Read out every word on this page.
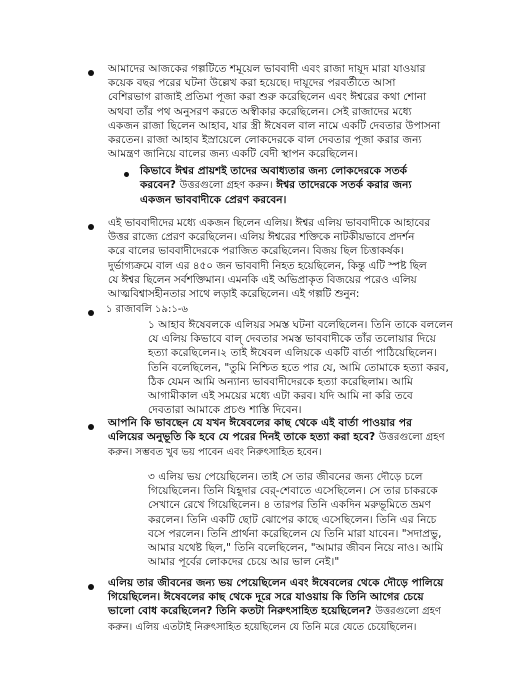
আমাদের আজকের গল্পটিতে শমূয়েল ভাববাদী এবং রাজা দায়ূদ মারা যাওয়ার

কয়েক বছর পরের ঘটনা উল্লেখ করা হয়েছে। দায়ূদের পরবর্তীতে আসা

বেশিরভাগ রাজাই প্রতিমা পূজা করা শুরু করেছিলেন এবং ঈশ্বরের কথা শোনা

অথবা তাঁর পথ অনুসরণ করতে অস্বীকার করেছিলেন। সেই রাজাদের মধ্যে

একজন রাজা ছিলেন আহাব, যার স্ত্রী ঈষেবল বাল নামে একটি দেবতার উপাসনা

করতেন। রাজা আহাব ইস্রায়েলে লোকদেরকে বাল দেবতার পূজা করার জন্য

আমন্ত্রণ জানিয়ে বালের জন্য একটি বেদী স্থাপন করেছিলেন।

কিভাবে ঈশ্বর প্রায়শই তাদের অবাধ্যতার জন্য লোকদেরকে সতর্ক

করবেন? উত্তরগুলো গ্রহণ করুন। ঈশ্বর তাদেরকে সতর্ক করার জন্য

একজন ভাববাদীকে প্রেরণ করবেন।

এই ভাববাদীদের মধ্যে একজন ছিলেন এলিয়। ঈশ্বর এলিয় ভাববাদীকে আহাবের

উত্তর রাজ্যে প্রেরণ করেছিলেন। এলিয় ঈশ্বরের শক্তিকে নাটকীয়ভাবে প্রদর্শন

করে বালের ভাববাদীদেরকে পরাজিত করেছিলেন। বিজয় ছিল চিত্তাকর্ষক।

দুর্ভাগ্যক্রমে বাল এর ৪৫০ জন ভাববাদী নিহত হয়েছিলেন, কিন্তু এটি স্পষ্ট ছিল

যে ঈশ্বর ছিলেন সর্বশক্তিমান। এমনকি এই অভিপ্রাকৃত বিজয়ের পরেও এলিয়

আত্মবিশ্বাসহীনতার সাথে লড়াই করেছিলেন। এই গল্পটি শুনুন:

১ রাজাবলি ১৯:১-৬

১ আহাব ঈষেবলকে এলিয়র সমস্ত ঘটনা বলেছিলেন। তিনি তাকে বললেন

যে এলিয় কিভাবে বাল্ দেবতার সমস্ত ভাববাদীকে তাঁর তলোয়ার দিয়ে

হত্যা করেছিলেন।২ তাই ঈষেবল এলিয়কে একটি বার্তা পাঠিয়েছিলেন।

তিনি বলেছিলেন, "তুমি নিশ্চিত হতে পার যে, আমি তোমাকে হত্যা করব,

ঠিক যেমন আমি অন্যান্য ভাববাদীদেরকে হত্যা করেছিলাম। আমি

আগামীকাল এই সময়ের মধ্যে এটা করব। যদি আমি না করি তবে

দেবতারা আমাকে প্রচণ্ড শাস্তি দিবেন।

আপনি কি ভাবছেন যে যখন ঈষেবলের কাছ থেকে এই বার্তা পাওয়ার পর

এলিয়ের অনুভূতি কি হবে যে পরের দিনই তাকে হত্যা করা হবে? উত্তরগুলো গ্রহণ

করুন। সম্ভবত খুব ভয় পাবেন এবং নিরুৎসাহিত হবেন।

৩ এলিয় ভয় পেয়েছিলেন। তাই সে তার জীবনের জন্য দৌড়ে চলে

গিয়েছিলেন। তিনি যিহূদার বের্-শেবাতে এসেছিলেন। সে তার চাকরকে

সেখানে রেখে গিয়েছিলেন। ৪ তারপর তিনি একদিন মরুভূমিতে ভ্রমণ

করলেন। তিনি একটি ছোট ঝোপের কাছে এসেছিলেন। তিনি এর নিচে

বসে পরলেন। তিনি প্রার্থনা করেছিলেন যে তিনি মারা যাবেন। "সদাপ্রভু,

আমার যথেষ্ট ছিল," তিনি বলেছিলেন, "আমার জীবন নিয়ে নাও। আমি

আমার পূর্বের লোকদের চেয়ে আর ভাল নেই।"

এলিয় তার জীবনের জন্য ভয় পেয়েছিলেন এবং ঈষেবলের থেকে দৌড়ে পালিয়ে

গিয়েছিলেন। ঈষেবলের কাছ থেকে দূরে সরে যাওয়ায় কি তিনি আগের চেয়ে

ভালো বোধ করেছিলেন? তিনি কতটা নিরুৎসাহিত হয়েছিলেন? উত্তরগুলো গ্রহণ

করুন। এলিয় এতটাই নিরুৎসাহিত হয়েছিলেন যে তিনি মরে যেতে চেয়েছিলেন।
